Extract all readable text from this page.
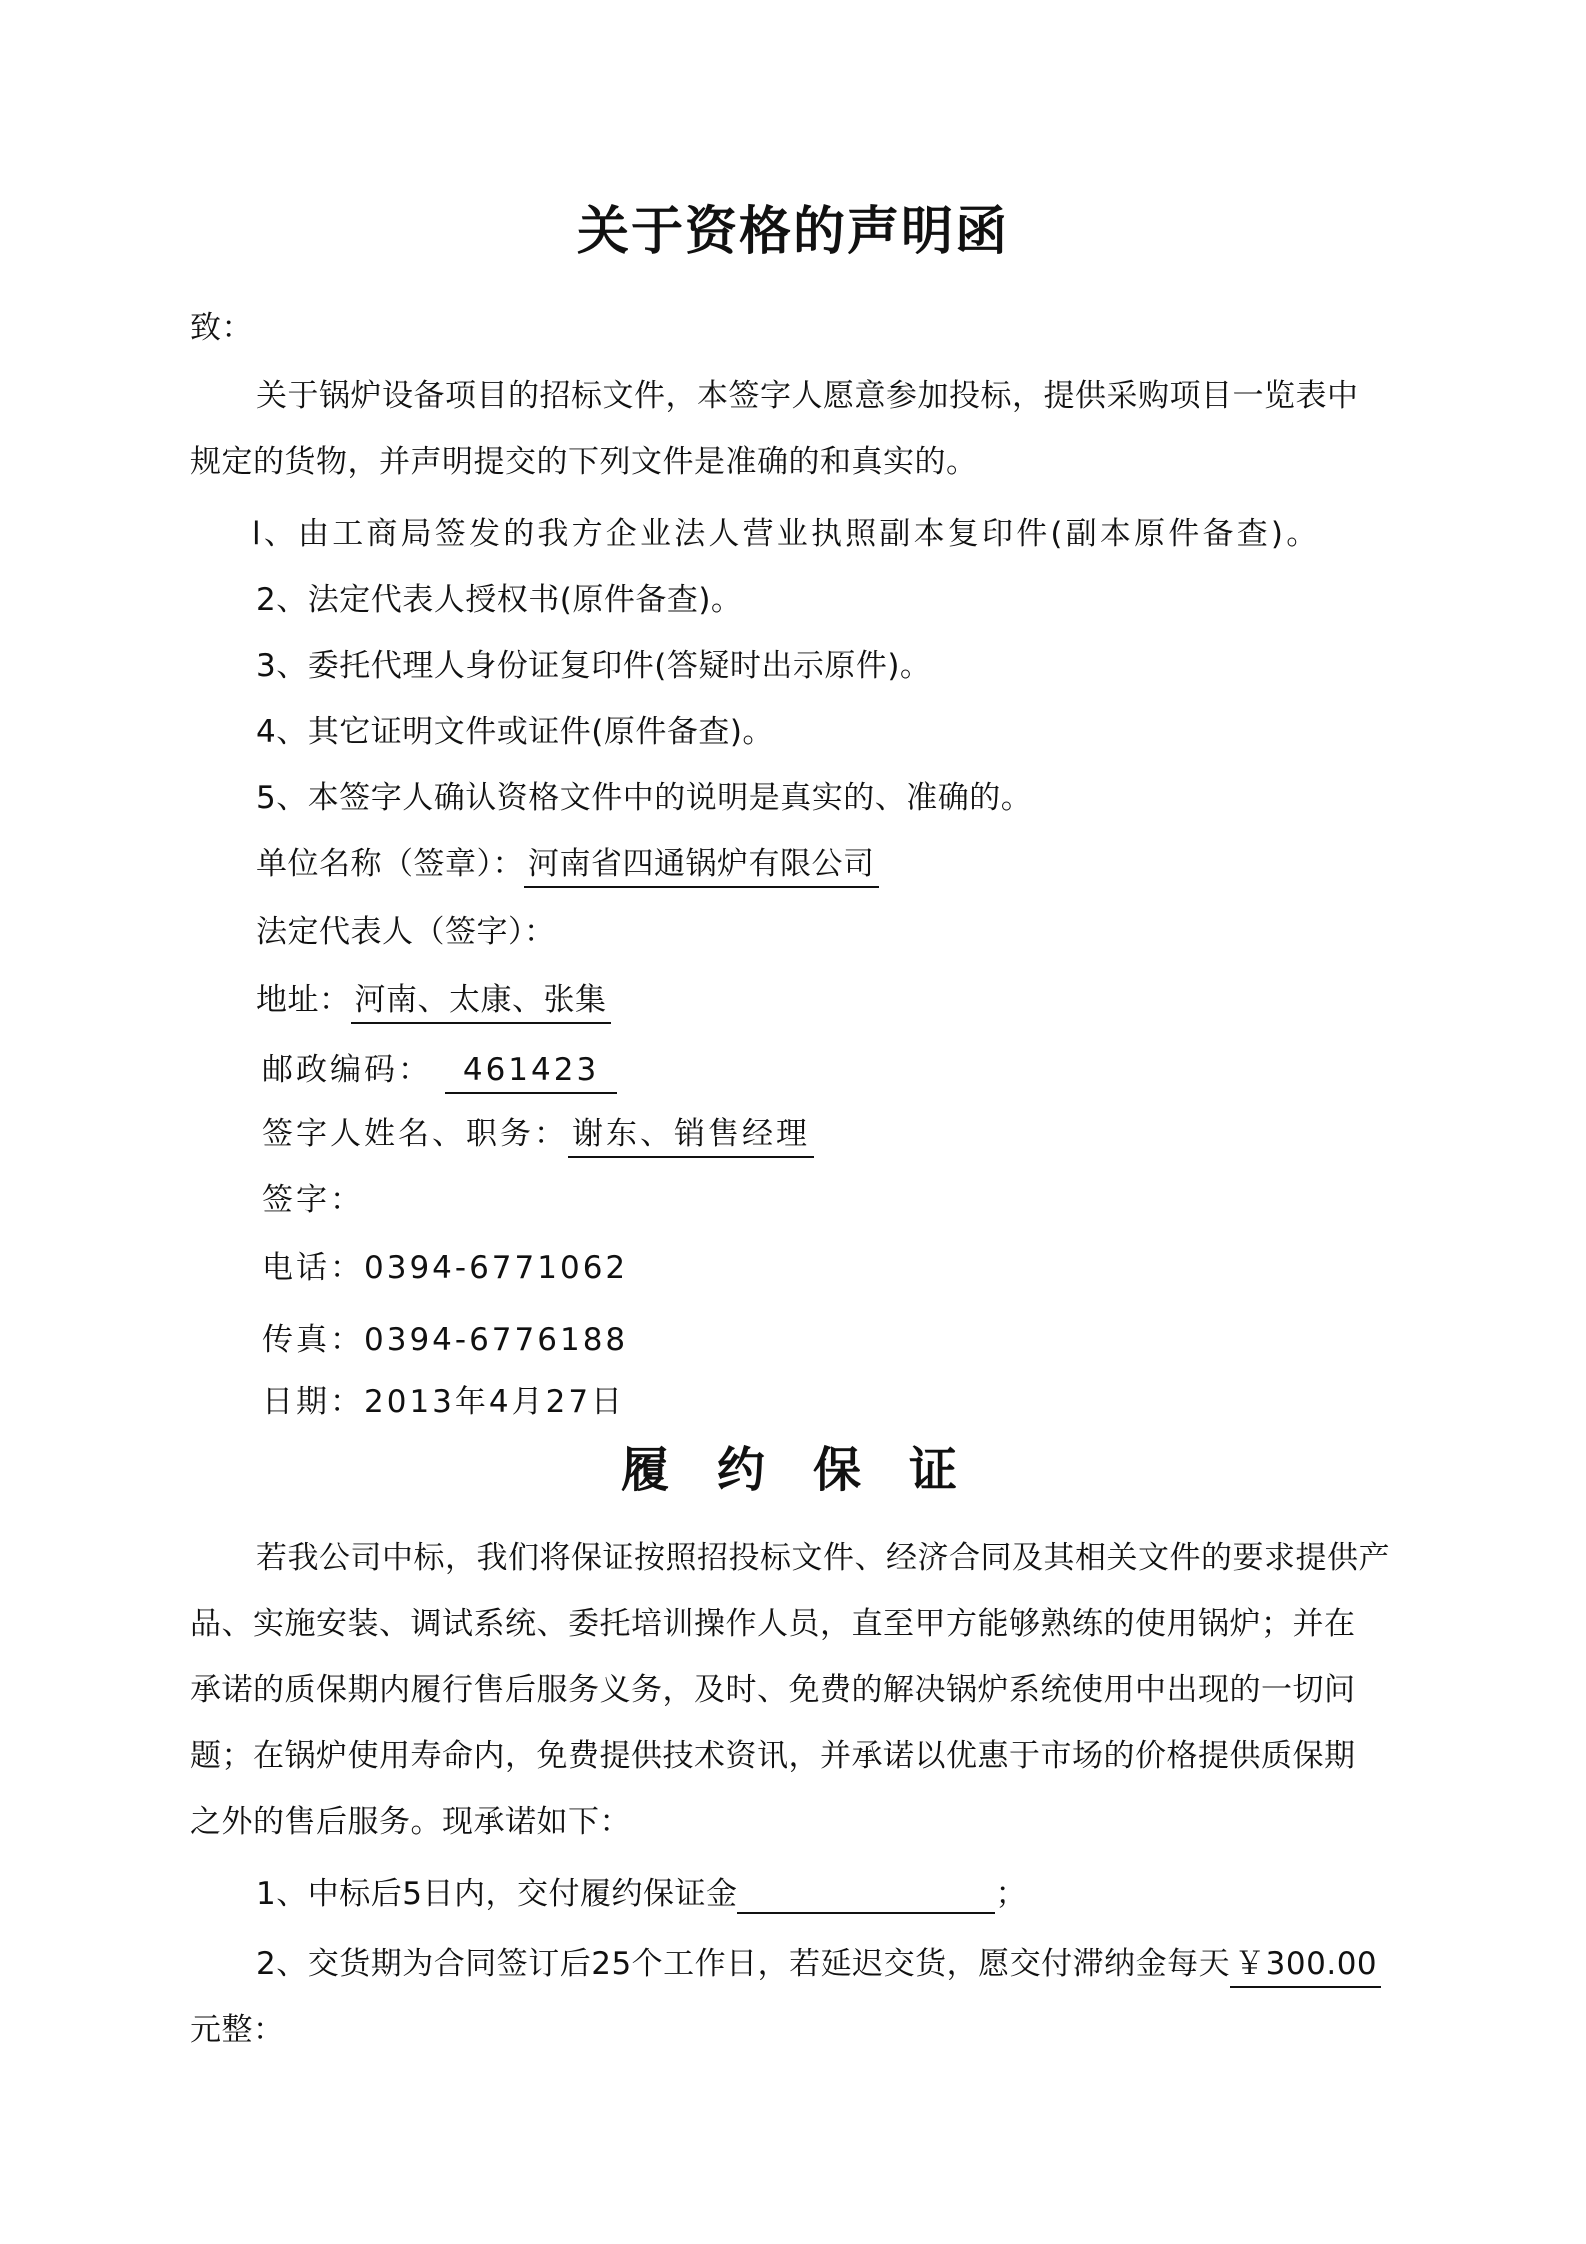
关于资格的声明函
致：
关于锅炉设备项目的招标文件，本签字人愿意参加投标，提供采购项目一览表中
规定的货物，并声明提交的下列文件是准确的和真实的。
l、由工商局签发的我方企业法人营业执照副本复印件(副本原件备查)。
2、法定代表人授权书(原件备查)。
3、委托代理人身份证复印件(答疑时出示原件)。
4、其它证明文件或证件(原件备查)。
5、本签字人确认资格文件中的说明是真实的、准确的。
单位名称（签章）： 河南省四通锅炉有限公司
法定代表人（签字）：
地址： 河南、太康、张集
邮政编码： 461423
签字人姓名、职务： 谢东、销售经理
签字：
电话：0394-6771062
传真：0394-6776188
日期：2013年4月27日
履约保证
若我公司中标，我们将保证按照招投标文件、经济合同及其相关文件的要求提供产
品、实施安装、调试系统、委托培训操作人员，直至甲方能够熟练的使用锅炉；并在
承诺的质保期内履行售后服务义务，及时、免费的解决锅炉系统使用中出现的一切问
题；在锅炉使用寿命内，免费提供技术资讯，并承诺以优惠于市场的价格提供质保期
之外的售后服务。现承诺如下：
1、中标后5日内，交付履约保证金	；
2、交货期为合同签订后25个工作日，若延迟交货，愿交付滞纳金每天 ￥300.00
元整：
